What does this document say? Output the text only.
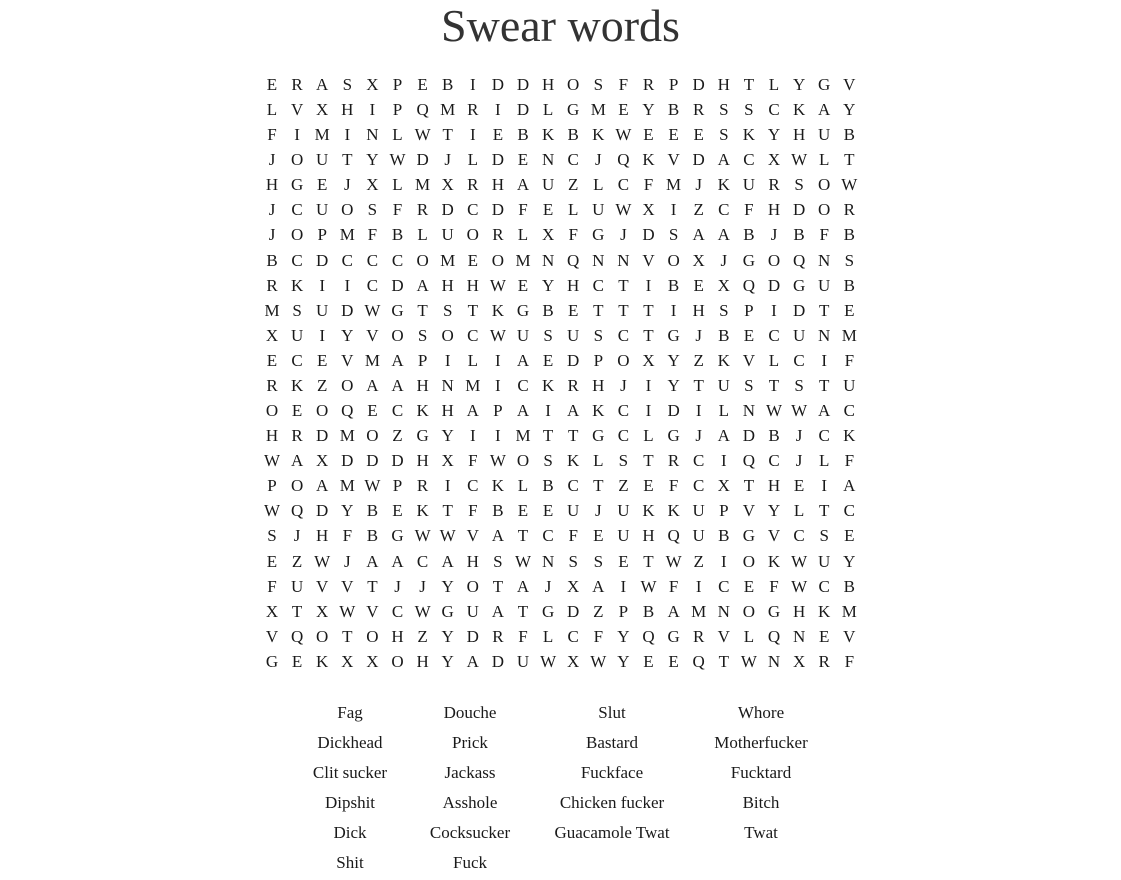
Swear words
E R A S X P E B I D D H O S F R P D H T L Y G V
L V X H I	P Q M R I D L G M E Y B R S S C K A Y
F	I M I N L W T	I	E B K B K W E E E S K Y H U B
J O U T Y W D J L D E N C J Q K V D A C X W L T
H G E J X L M X R H A U Z L C F M J K U R S O W
J C U O S F R D C D F E L U W X I	Z C F H D O R
J O P M F B L U O R L X F G J D S A A B J B F B
B C D C C C O M E O M N Q N N V O X J G O Q N S
R K I	I C D A H H W E Y H C T	I B E X Q D G U B
M S U D W G T S T K G B E T T T	I H S P	I D T E
X U I Y V O S O C W U S U S C T G J B E C U N M
E C E V M A P	I	L	I A E D P O X Y Z K V L C I	F
R K Z O A A H N M I C K R H J	I Y T U S T S T U
O E O Q E C K H A P A I A K C I D I	L N W W A C
H R D M O Z G Y I	I M T T G C L G J A D B J C K
W A X D D D H X F W O S K L S T R C I Q C J L F
P O A M W P R I C K L B C T Z E F C X T H E	I A
W Q D Y B E K T F B E E U J U K K U P V Y L T C
S	J H F B G W W V A T C F E U H Q U B G V C S E
E Z W J A A C A H S W N S S E T W Z	I O K W U Y
F U V V T J	J Y O T A J X A I W F	I C E F W C B
X T X W V C W G U A T G D Z P B A M N O G H K M
V Q O T O H Z Y D R F L C F Y Q G R V L Q N E V
G E K X X O H Y A D U W X W Y E E Q T W N X R F
Fag	Douche	Slut	Whore
Dickhead	Prick	Bastard	Motherfucker
Clit sucker	Jackass	Fuckface	Fucktard
Dipshit	Asshole	Chicken fucker	Bitch
Dick	Cocksucker	Guacamole Twat	Twat
Shit	Fuck
